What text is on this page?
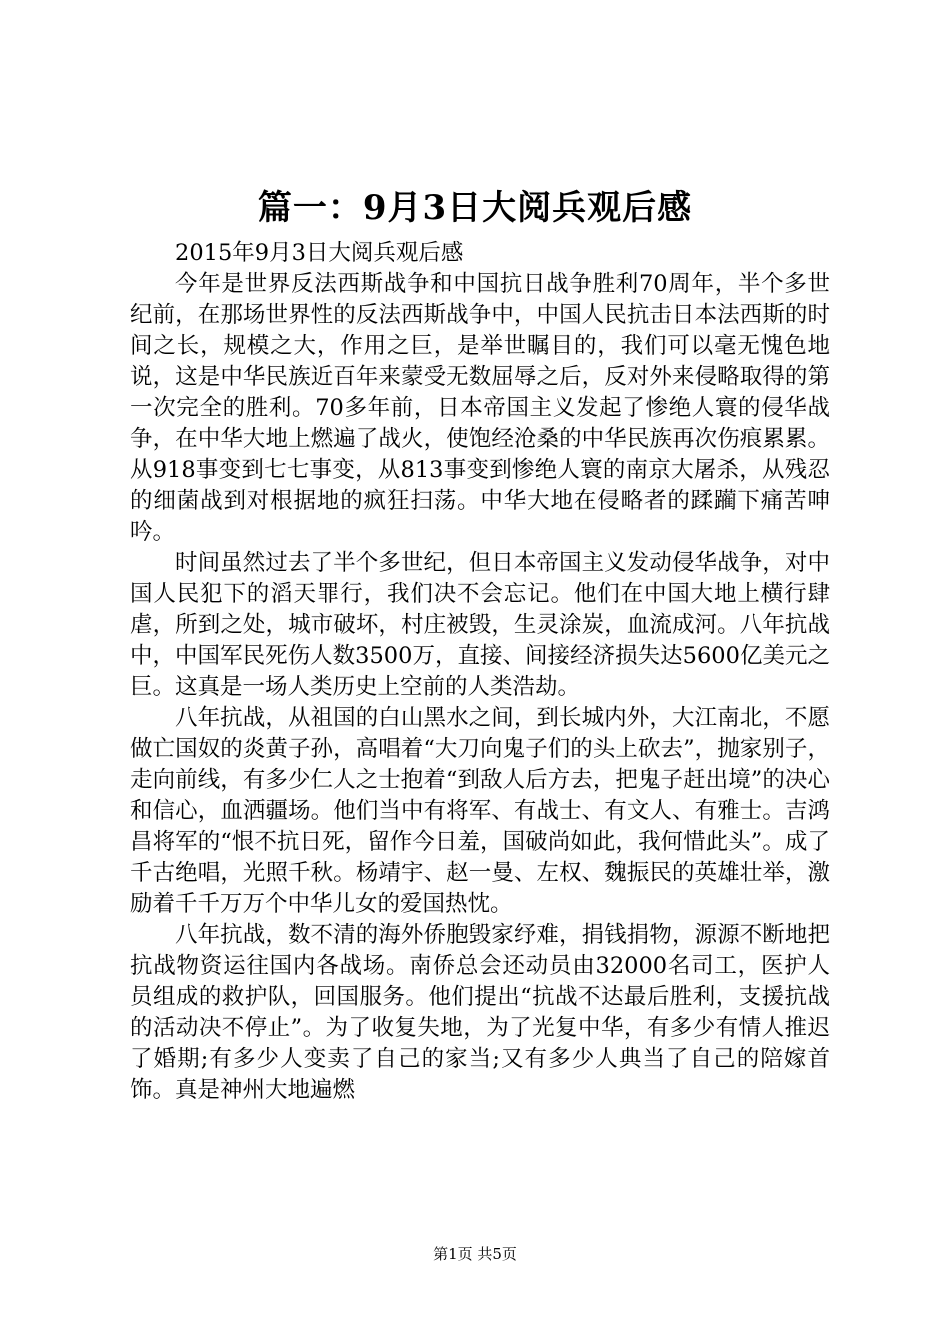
篇一：9月3日大阅兵观后感

2015年9月3日大阅兵观后感

今年是世界反法西斯战争和中国抗日战争胜利70周年，半个多世纪前，在那场世界性的反法西斯战争中，中国人民抗击日本法西斯的时间之长，规模之大，作用之巨，是举世瞩目的，我们可以毫无愧色地说，这是中华民族近百年来蒙受无数屈辱之后，反对外来侵略取得的第一次完全的胜利。70多年前，日本帝国主义发起了惨绝人寰的侵华战争，在中华大地上燃遍了战火，使饱经沧桑的中华民族再次伤痕累累。从918事变到七七事变，从813事变到惨绝人寰的南京大屠杀，从残忍的细菌战到对根据地的疯狂扫荡。中华大地在侵略者的蹂躏下痛苦呻吟。

时间虽然过去了半个多世纪，但日本帝国主义发动侵华战争，对中国人民犯下的滔天罪行，我们决不会忘记。他们在中国大地上横行肆虐，所到之处，城市破坏，村庄被毁，生灵涂炭，血流成河。八年抗战中，中国军民死伤人数3500万，直接、间接经济损失达5600亿美元之巨。这真是一场人类历史上空前的人类浩劫。

八年抗战，从祖国的白山黑水之间，到长城内外，大江南北，不愿做亡国奴的炎黄子孙，高唱着“大刀向鬼子们的头上砍去”，抛家别子，走向前线，有多少仁人之士抱着“到敌人后方去，把鬼子赶出境”的决心和信心，血洒疆场。他们当中有将军、有战士、有文人、有雅士。吉鸿昌将军的“恨不抗日死，留作今日羞，国破尚如此，我何惜此头”。成了千古绝唱，光照千秋。杨靖宇、赵一曼、左权、魏振民的英雄壮举，激励着千千万万个中华儿女的爱国热忱。

八年抗战，数不清的海外侨胞毁家纾难，捐钱捐物，源源不断地把抗战物资运往国内各战场。南侨总会还动员由32000名司工，医护人员组成的救护队，回国服务。他们提出“抗战不达最后胜利，支援抗战的活动决不停止”。为了收复失地，为了光复中华，有多少有情人推迟了婚期;有多少人变卖了自己的家当;又有多少人典当了自己的陪嫁首饰。真是神州大地遍燃

第1页 共5页
